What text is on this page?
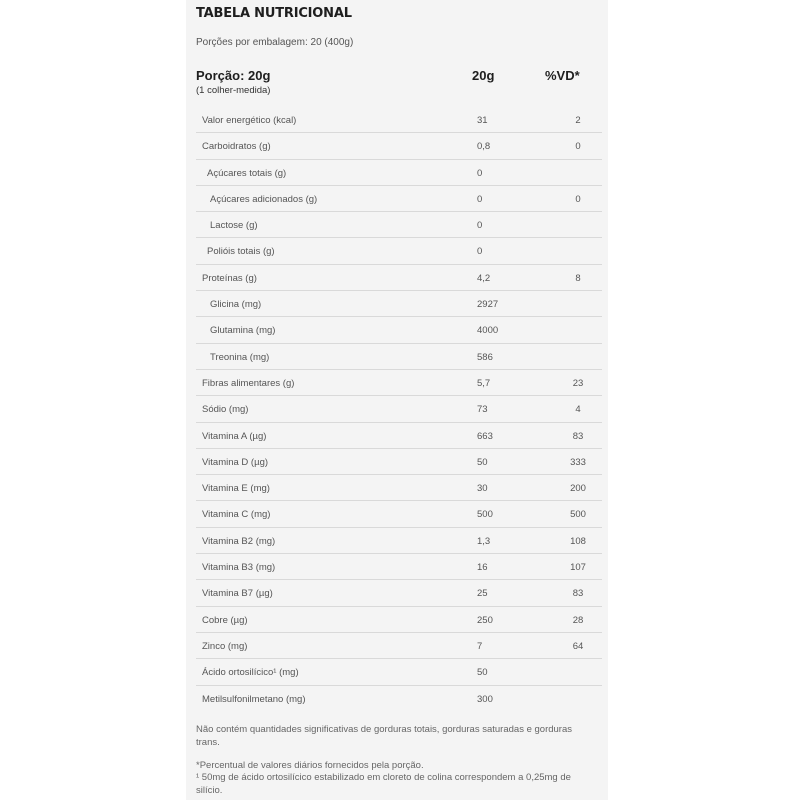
TABELA NUTRICIONAL
Porções por embalagem: 20 (400g)
Porção: 20g
(1 colher-medida)
20g	%VD*
Valor energético (kcal)	31	2
Carboidratos (g)	0,8	0
Açúcares totais (g)	0
Açúcares adicionados (g)	0	0
Lactose (g)	0
Polióis totais (g)	0
Proteínas (g)	4,2	8
Glicina (mg)	2927
Glutamina (mg)	4000
Treonina (mg)	586
Fibras alimentares (g)	5,7	23
Sódio (mg)	73	4
Vitamina A (µg)	663	83
Vitamina D (µg)	50	333
Vitamina E (mg)	30	200
Vitamina C (mg)	500	500
Vitamina B2 (mg)	1,3	108
Vitamina B3 (mg)	16	107
Vitamina B7 (µg)	25	83
Cobre (µg)	250	28
Zinco (mg)	7	64
Ácido ortosilícico¹ (mg)	50
Metilsulfonilmetano (mg)	300
Não contém quantidades significativas de gorduras totais, gorduras saturadas e gorduras trans.
*Percentual de valores diários fornecidos pela porção.
¹ 50mg de ácido ortosilícico estabilizado em cloreto de colina correspondem a 0,25mg de silício.
